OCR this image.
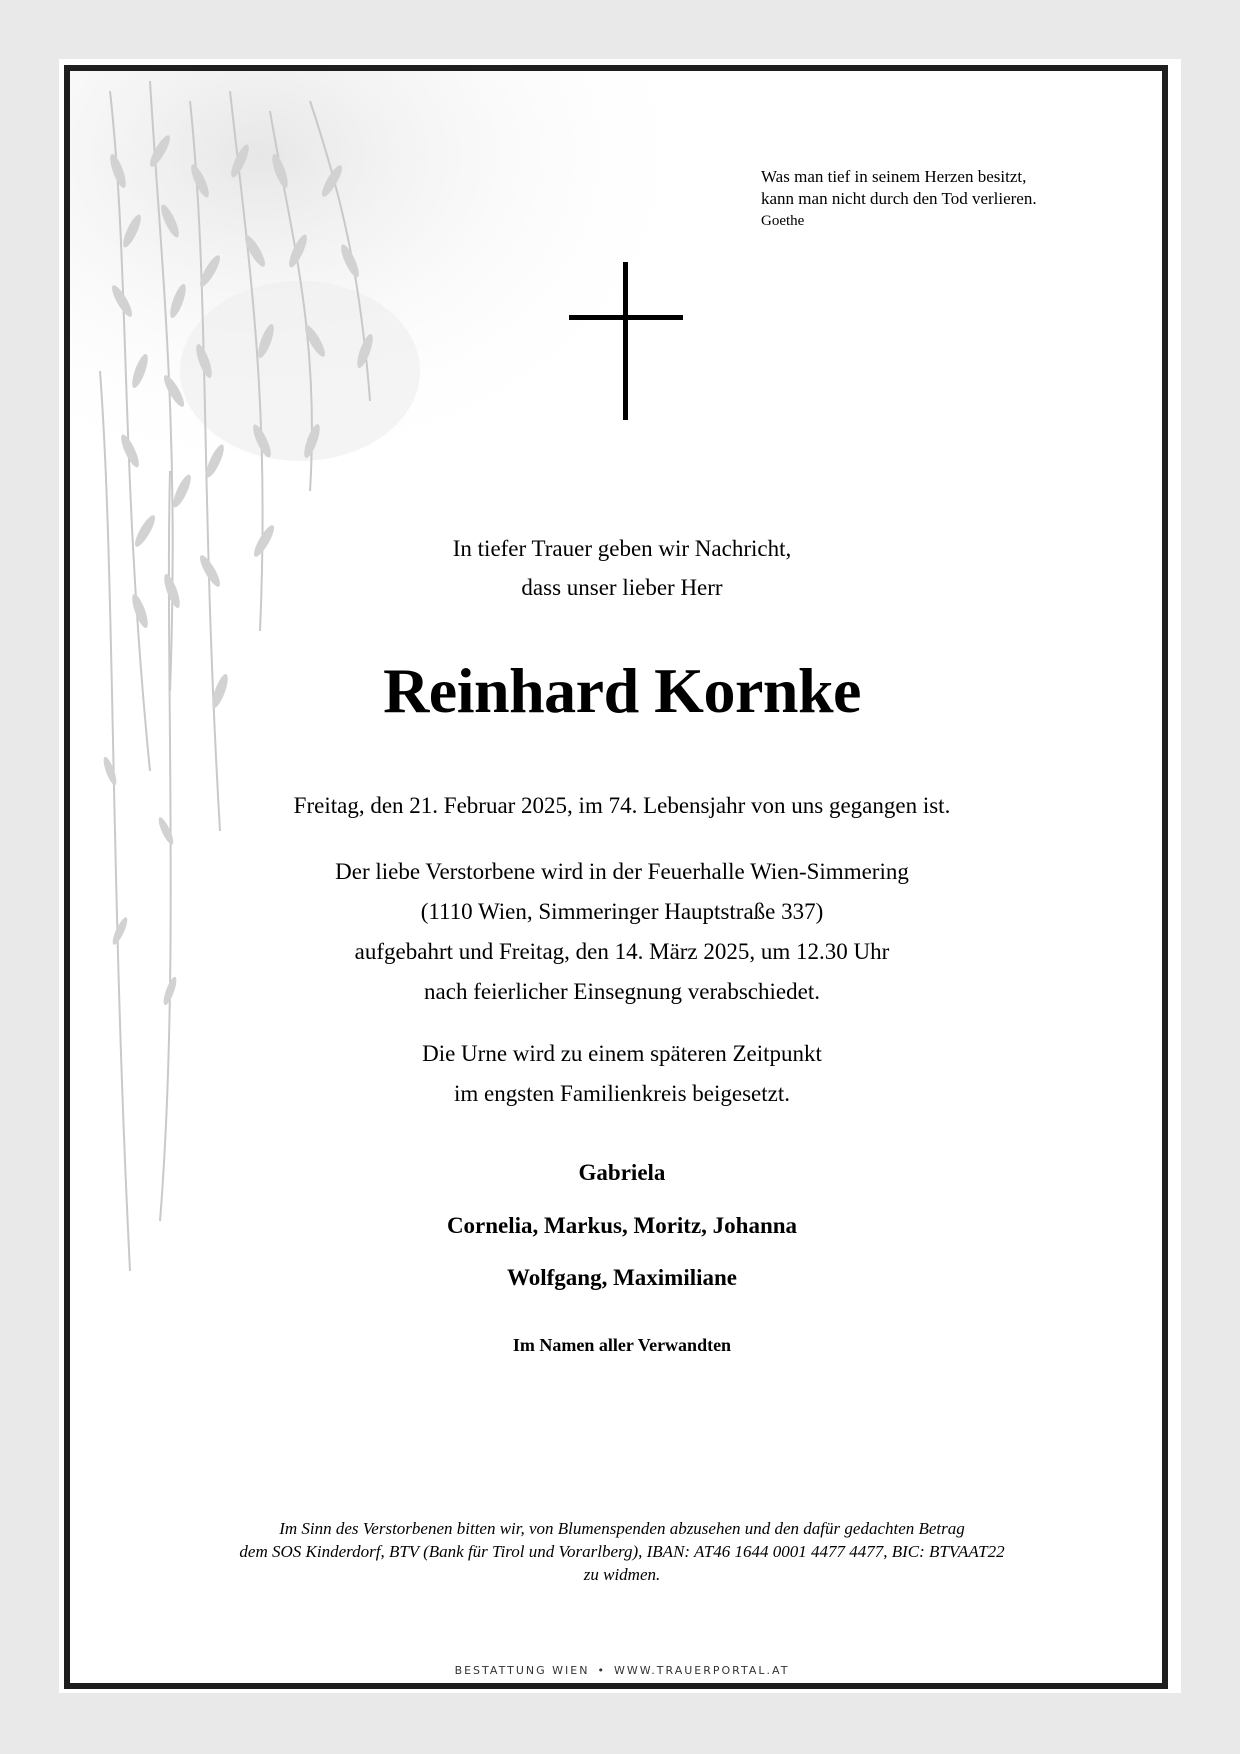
Was man tief in seinem Herzen besitzt,
kann man nicht durch den Tod verlieren.
Goethe
In tiefer Trauer geben wir Nachricht,
dass unser lieber Herr
Reinhard Kornke
Freitag, den 21. Februar 2025, im 74. Lebensjahr von uns gegangen ist.
Der liebe Verstorbene wird in der Feuerhalle Wien-Simmering
(1110 Wien, Simmeringer Hauptstraße 337)
aufgebahrt und Freitag, den 14. März 2025, um 12.30 Uhr
nach feierlicher Einsegnung verabschiedet.
Die Urne wird zu einem späteren Zeitpunkt
im engsten Familienkreis beigesetzt.
Gabriela
Cornelia, Markus, Moritz, Johanna
Wolfgang, Maximiliane
Im Namen aller Verwandten
Im Sinn des Verstorbenen bitten wir, von Blumenspenden abzusehen und den dafür gedachten Betrag
dem SOS Kinderdorf, BTV (Bank für Tirol und Vorarlberg), IBAN: AT46 1644 0001 4477 4477, BIC: BTVAAT22
zu widmen.
BESTATTUNG WIEN • WWW.TRAUERPORTAL.AT
